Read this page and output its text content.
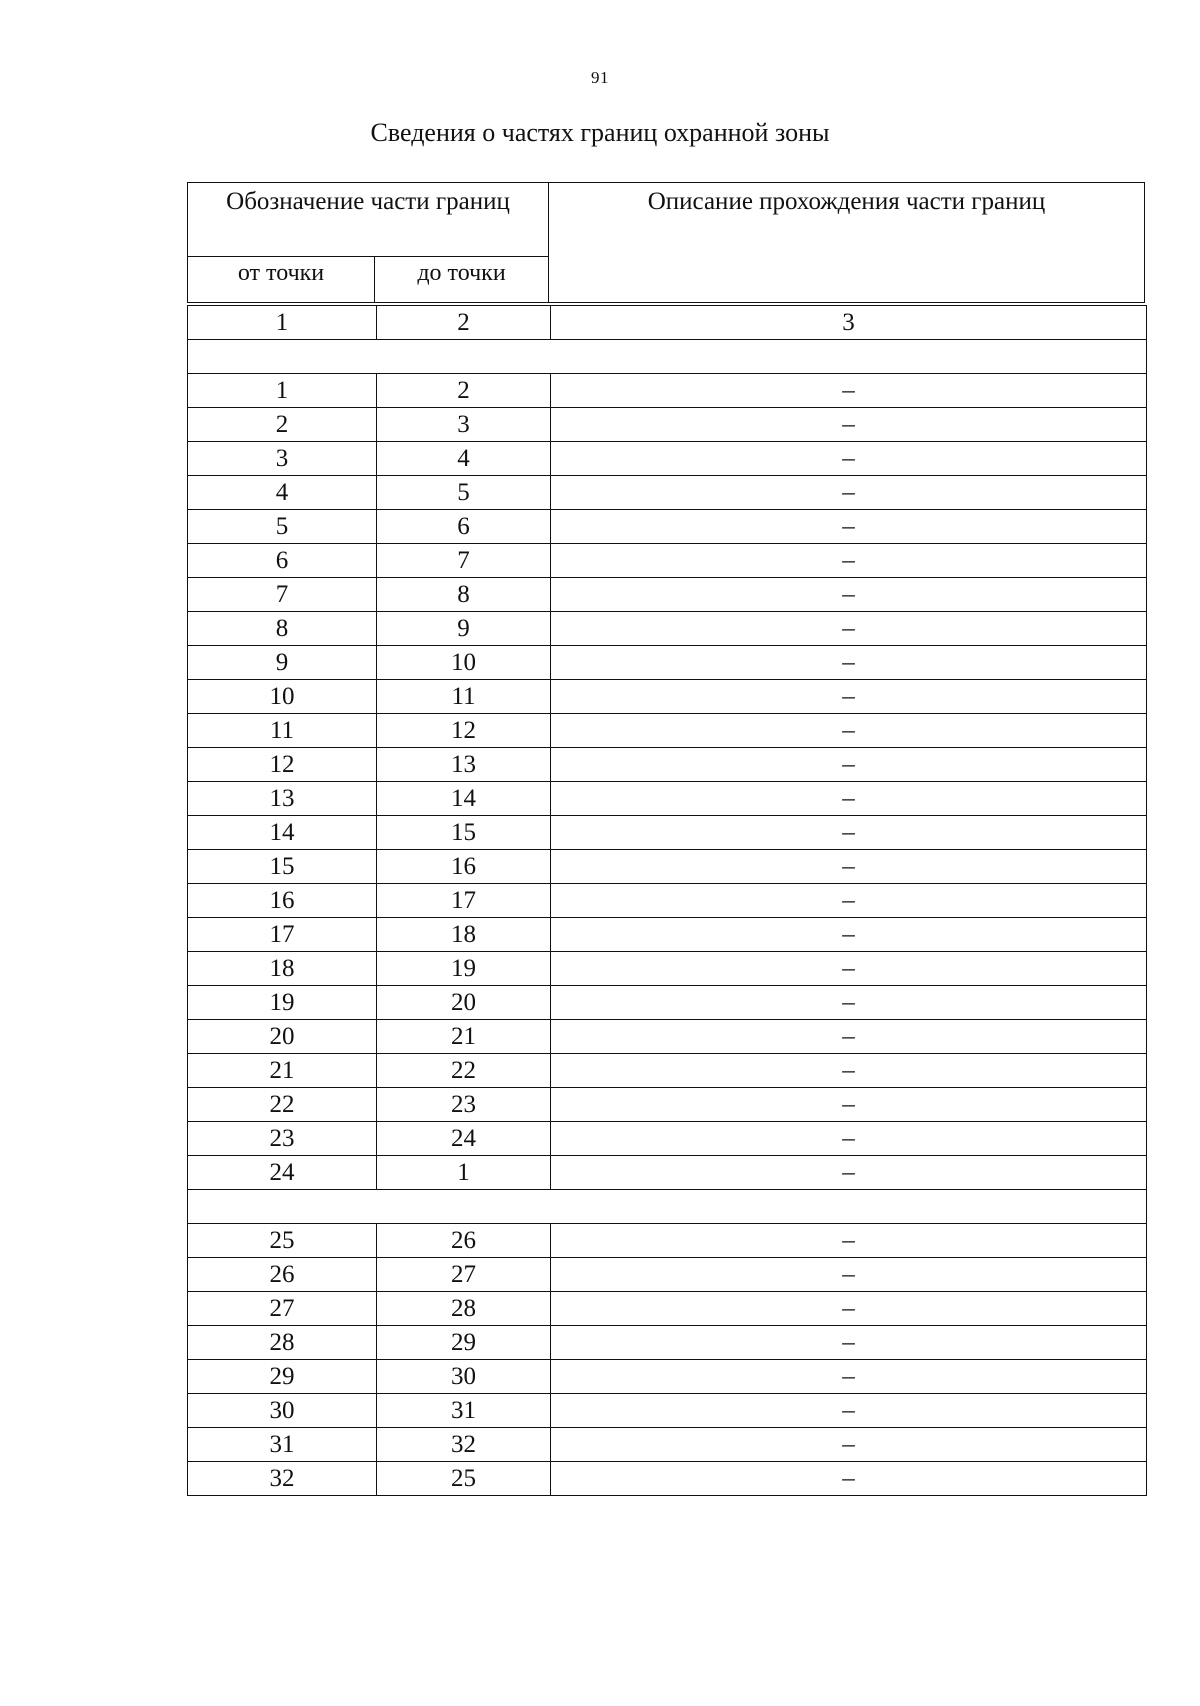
91
Сведения о частях границ охранной зоны
Обозначение части границ	Описание прохождения части границ
от точки	до точки
1	2	3

1	2	–
2	3	–
3	4	–
4	5	–
5	6	–
6	7	–
7	8	–
8	9	–
9	10	–
10	11	–
11	12	–
12	13	–
13	14	–
14	15	–
15	16	–
16	17	–
17	18	–
18	19	–
19	20	–
20	21	–
21	22	–
22	23	–
23	24	–
24	1	–

25	26	–
26	27	–
27	28	–
28	29	–
29	30	–
30	31	–
31	32	–
32	25	–
